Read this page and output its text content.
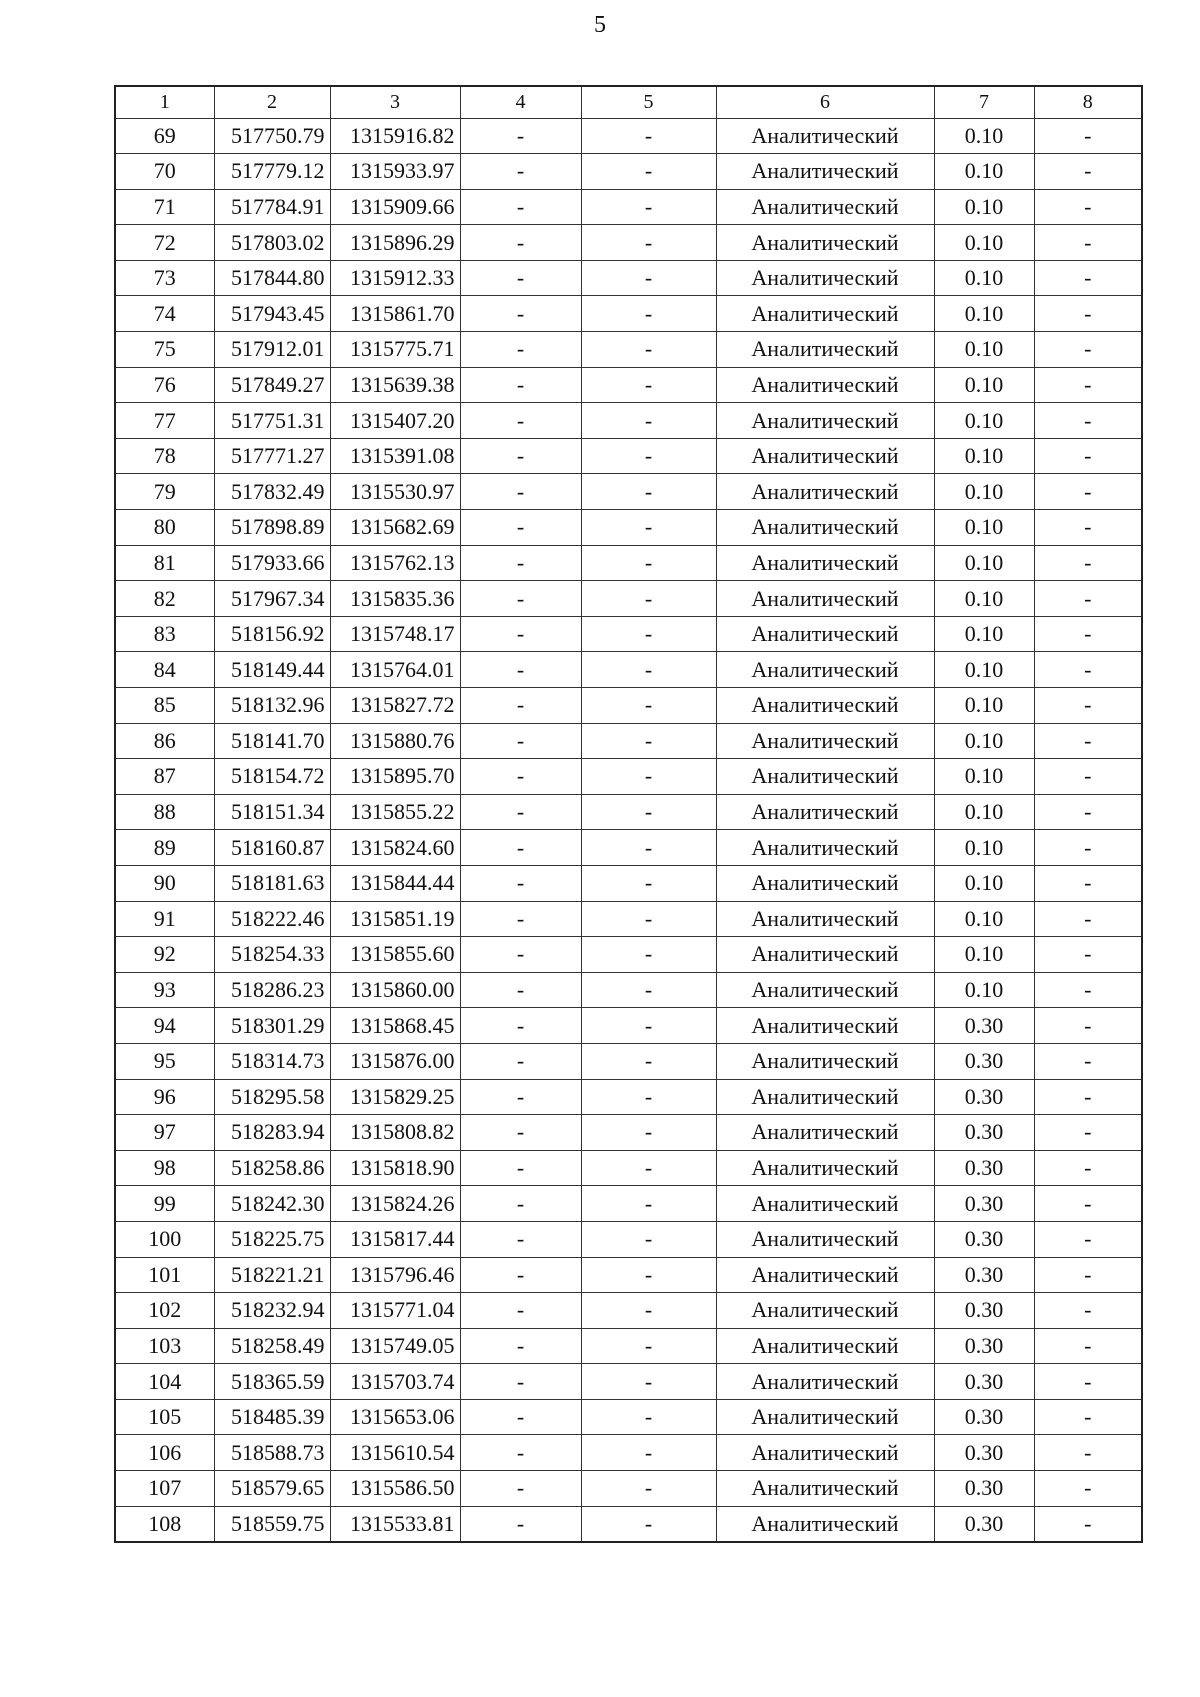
5
1	2	3	4	5	6	7	8
69	517750.79	1315916.82	-	-	Аналитический	0.10	-
70	517779.12	1315933.97	-	-	Аналитический	0.10	-
71	517784.91	1315909.66	-	-	Аналитический	0.10	-
72	517803.02	1315896.29	-	-	Аналитический	0.10	-
73	517844.80	1315912.33	-	-	Аналитический	0.10	-
74	517943.45	1315861.70	-	-	Аналитический	0.10	-
75	517912.01	1315775.71	-	-	Аналитический	0.10	-
76	517849.27	1315639.38	-	-	Аналитический	0.10	-
77	517751.31	1315407.20	-	-	Аналитический	0.10	-
78	517771.27	1315391.08	-	-	Аналитический	0.10	-
79	517832.49	1315530.97	-	-	Аналитический	0.10	-
80	517898.89	1315682.69	-	-	Аналитический	0.10	-
81	517933.66	1315762.13	-	-	Аналитический	0.10	-
82	517967.34	1315835.36	-	-	Аналитический	0.10	-
83	518156.92	1315748.17	-	-	Аналитический	0.10	-
84	518149.44	1315764.01	-	-	Аналитический	0.10	-
85	518132.96	1315827.72	-	-	Аналитический	0.10	-
86	518141.70	1315880.76	-	-	Аналитический	0.10	-
87	518154.72	1315895.70	-	-	Аналитический	0.10	-
88	518151.34	1315855.22	-	-	Аналитический	0.10	-
89	518160.87	1315824.60	-	-	Аналитический	0.10	-
90	518181.63	1315844.44	-	-	Аналитический	0.10	-
91	518222.46	1315851.19	-	-	Аналитический	0.10	-
92	518254.33	1315855.60	-	-	Аналитический	0.10	-
93	518286.23	1315860.00	-	-	Аналитический	0.10	-
94	518301.29	1315868.45	-	-	Аналитический	0.30	-
95	518314.73	1315876.00	-	-	Аналитический	0.30	-
96	518295.58	1315829.25	-	-	Аналитический	0.30	-
97	518283.94	1315808.82	-	-	Аналитический	0.30	-
98	518258.86	1315818.90	-	-	Аналитический	0.30	-
99	518242.30	1315824.26	-	-	Аналитический	0.30	-
100	518225.75	1315817.44	-	-	Аналитический	0.30	-
101	518221.21	1315796.46	-	-	Аналитический	0.30	-
102	518232.94	1315771.04	-	-	Аналитический	0.30	-
103	518258.49	1315749.05	-	-	Аналитический	0.30	-
104	518365.59	1315703.74	-	-	Аналитический	0.30	-
105	518485.39	1315653.06	-	-	Аналитический	0.30	-
106	518588.73	1315610.54	-	-	Аналитический	0.30	-
107	518579.65	1315586.50	-	-	Аналитический	0.30	-
108	518559.75	1315533.81	-	-	Аналитический	0.30	-
